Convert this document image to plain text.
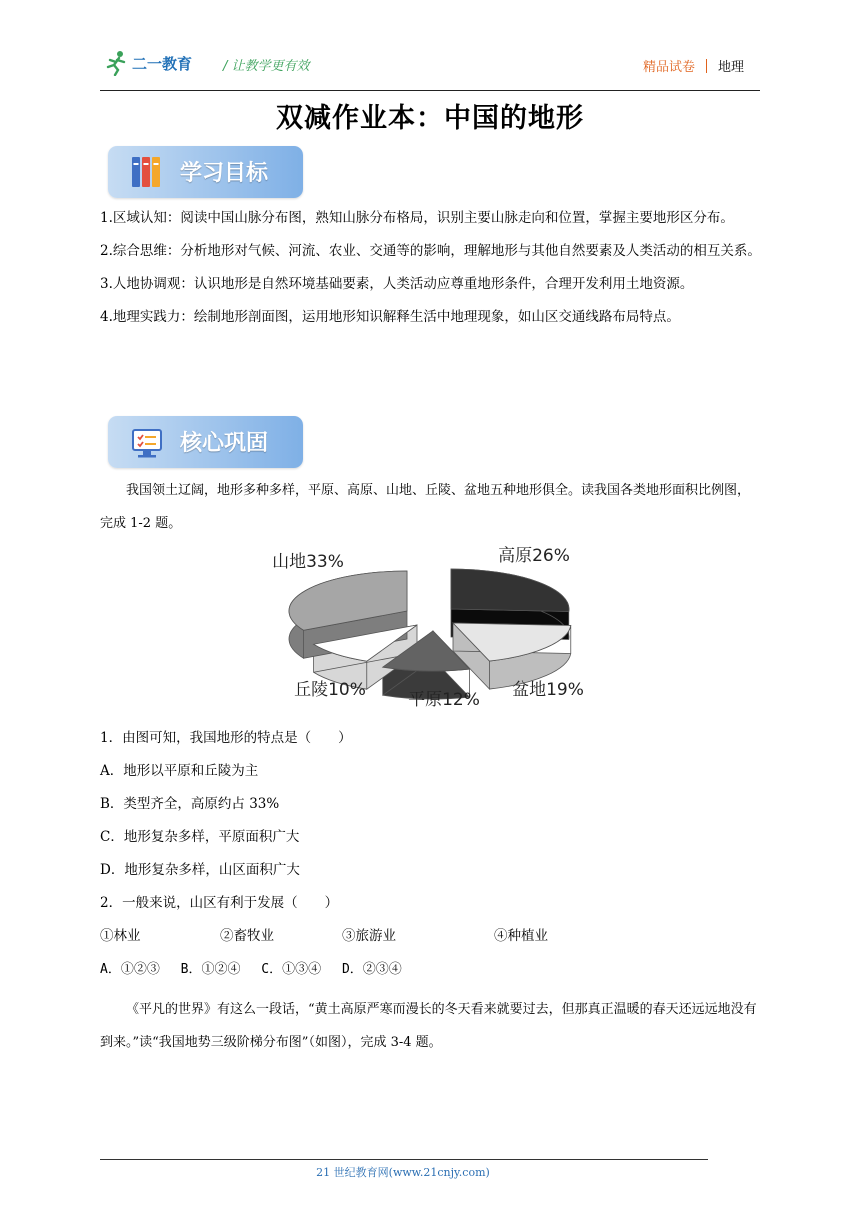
二一教育 / 让教学更有效	精品试卷 地理
双减作业本：中国的地形
学习目标
1.区域认知：阅读中国山脉分布图，熟知山脉分布格局，识别主要山脉走向和位置，掌握主要地形区分布。
2.综合思维：分析地形对气候、河流、农业、交通等的影响，理解地形与其他自然要素及人类活动的相互关系。
3.人地协调观：认识地形是自然环境基础要素，人类活动应尊重地形条件，合理开发利用土地资源。
4.地理实践力：绘制地形剖面图，运用地形知识解释生活中地理现象，如山区交通线路布局特点。
核心巩固
我国领土辽阔，地形多种多样，平原、高原、山地、丘陵、盆地五种地形俱全。读我国各类地形面积比例图，完成 1-2 题。
山地33%	高原26%
盆地19%
平原12%
丘陵10%
1．由图可知，我国地形的特点是（　　）
A．地形以平原和丘陵为主
B．类型齐全，高原约占 33%
C．地形复杂多样，平原面积广大
D．地形复杂多样，山区面积广大
2．一般来说，山区有利于发展（　　）
①林业	②畜牧业	③旅游业	④种植业
A．①②③　 B．①②④　 C．①③④　 D．②③④
《平凡的世界》有这么一段话，“黄土高原严寒而漫长的冬天看来就要过去，但那真正温暖的春天还远远地没有到来。”读“我国地势三级阶梯分布图”（如图），完成 3-4 题。
21 世纪教育网(www.21cnjy.com)
